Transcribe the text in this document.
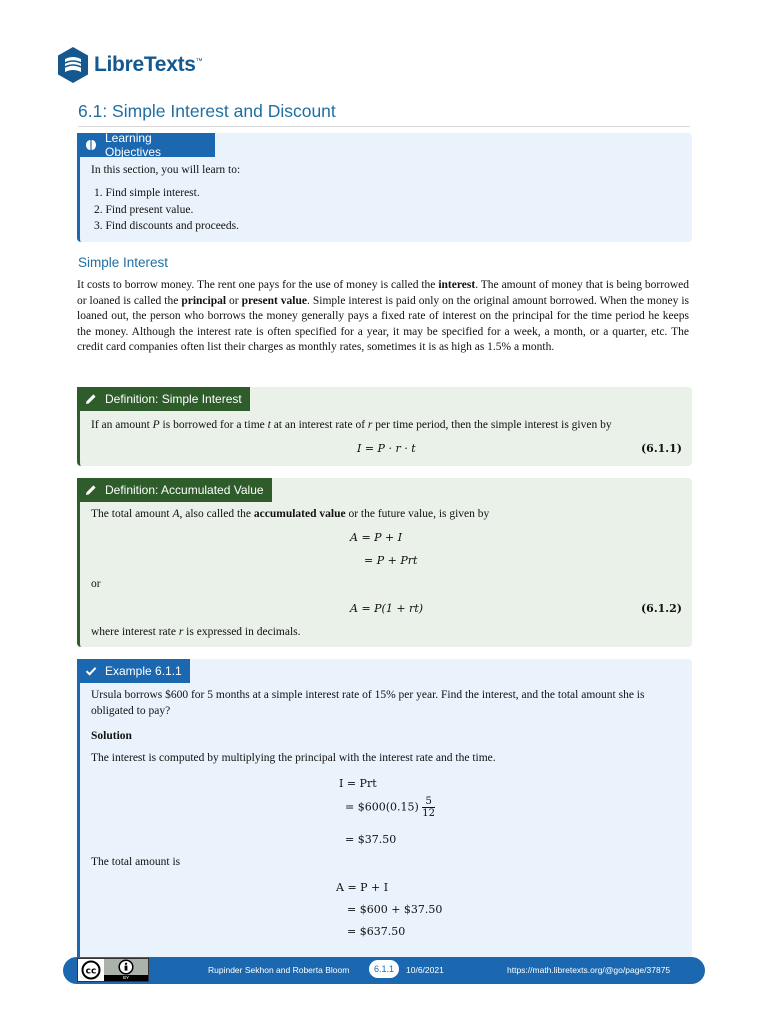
LibreTexts™
6.1: Simple Interest and Discount
Learning Objectives

In this section, you will learn to:

1. Find simple interest.
2. Find present value.
3. Find discounts and proceeds.
Simple Interest

It costs to borrow money. The rent one pays for the use of money is called the interest. The amount of money that is being borrowed or loaned is called the principal or present value. Simple interest is paid only on the original amount borrowed. When the money is loaned out, the person who borrows the money generally pays a fixed rate of interest on the principal for the time period he keeps the money. Although the interest rate is often specified for a year, it may be specified for a week, a month, or a quarter, etc. The credit card companies often list their charges as monthly rates, sometimes it is as high as 1.5% a month.

Definition: Simple Interest

If an amount P is borrowed for a time t at an interest rate of r per time period, then the simple interest is given by

I = P · r · t	(6.1.1)
Definition: Accumulated Value

The total amount A, also called the accumulated value or the future value, is given by

A = P + I
= P + Prt

or

A = P(1 + rt)	(6.1.2)

where interest rate r is expressed in decimals.

Example 6.1.1

Ursula borrows $600 for 5 months at a simple interest rate of 15% per year. Find the interest, and the total amount she is obligated to pay?

Solution

The interest is computed by multiplying the principal with the interest rate and the time.

I = Prt
= $600(0.15) $\frac{5}{12}$
= $37.50

The total amount is

A = P + I
= $600 + $37.50
= $637.50
cc
BY
Rupinder Sekhon and Roberta Bloom	6.1.1	10/6/2021	https://math.libretexts.org/@go/page/37875
